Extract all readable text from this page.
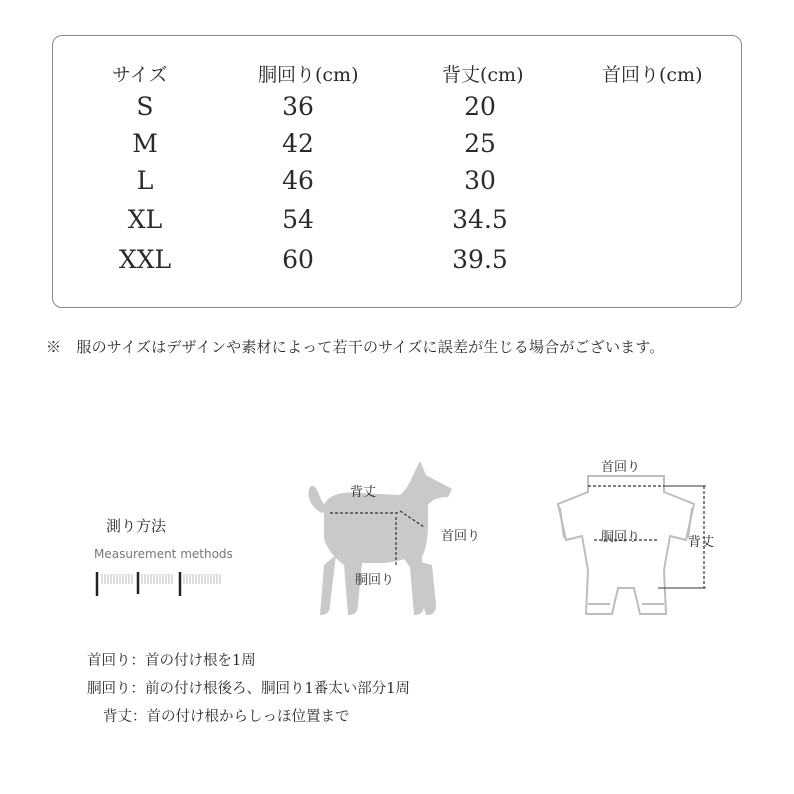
サイズ	胴回り(cm)	背丈(cm)	首回り(cm)
S	36	20
M	42	25
L	46	30
XL	54	34.5
XXL	60	39.5
※　服のサイズはデザインや素材によって若干のサイズに誤差が生じる場合がございます。
測り方法
Measurement methods
背丈
首回り
胴回り
首回り
胴回り	背丈
首回り：首の付け根を1周
胴回り：前の付け根後ろ、胴回り1番太い部分1周
背丈：首の付け根からしっほ位置まで
